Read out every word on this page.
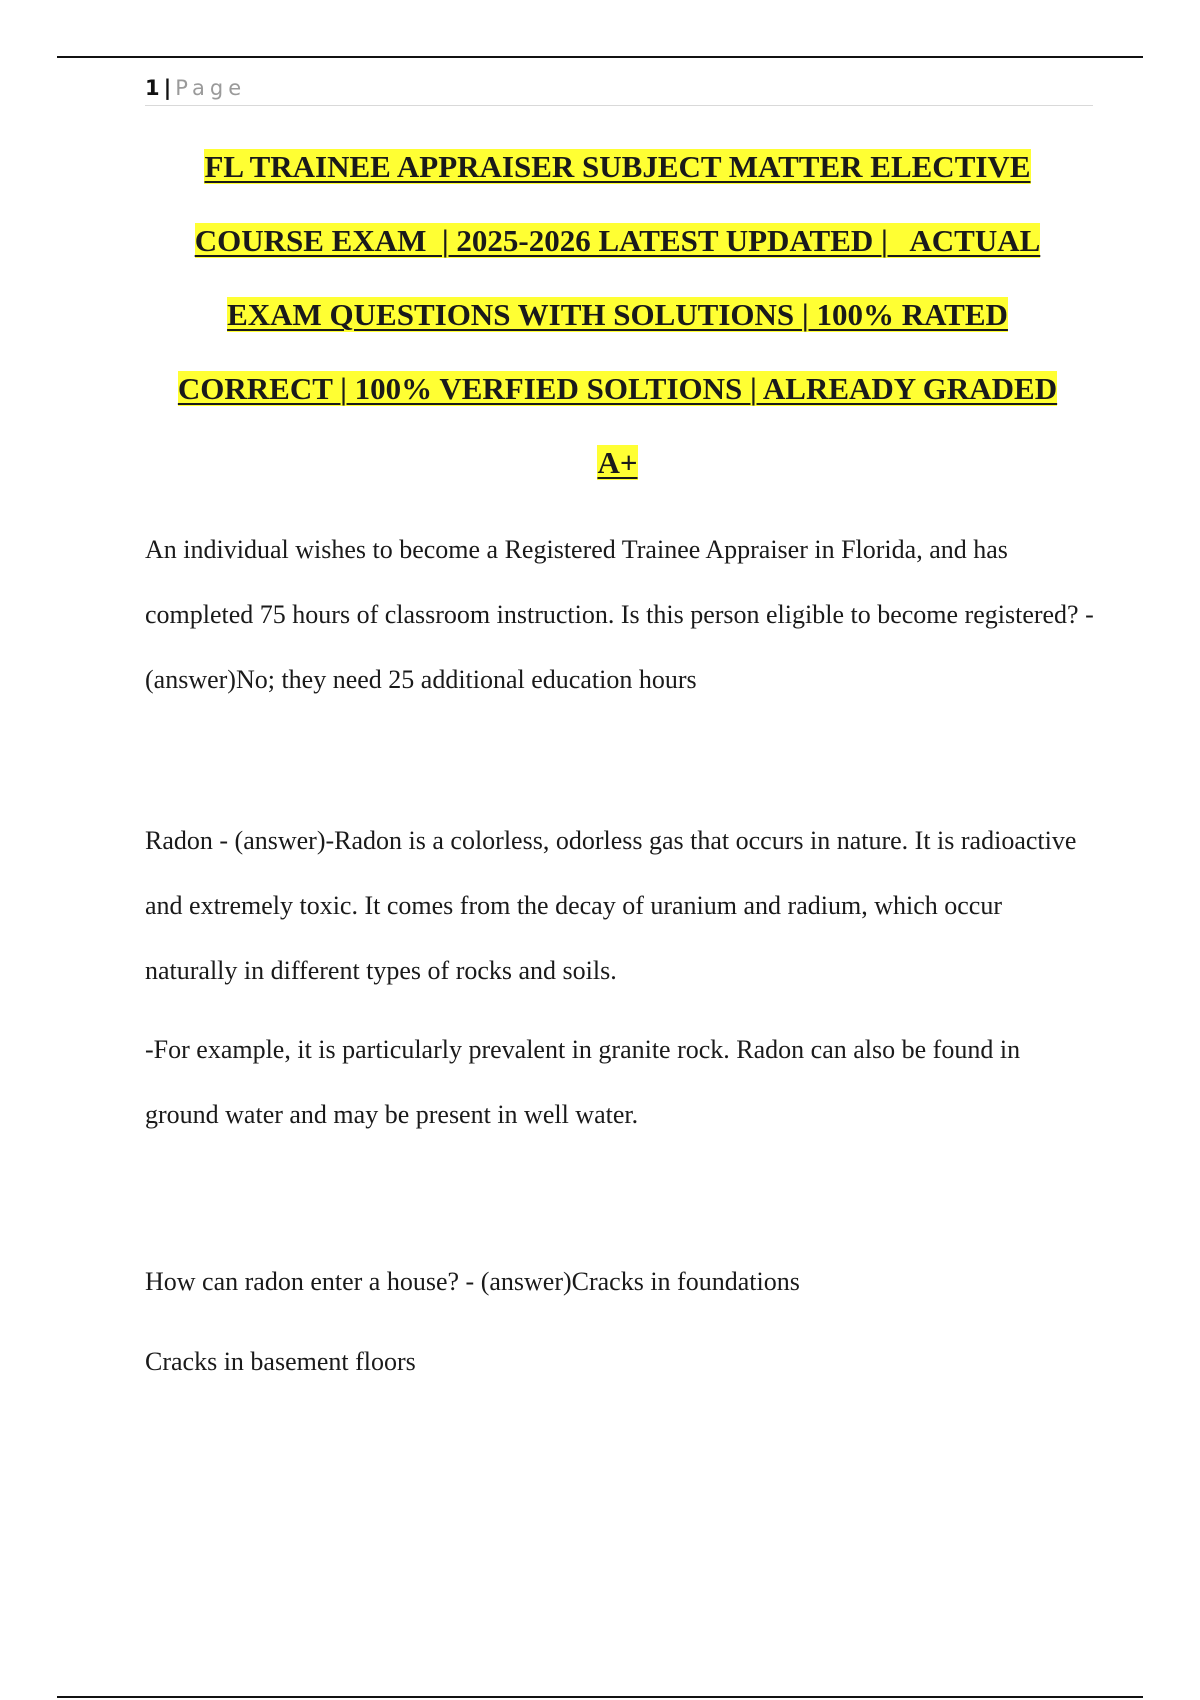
1 | Page
FL TRAINEE APPRAISER SUBJECT MATTER ELECTIVE
COURSE EXAM  | 2025-2026 LATEST UPDATED |   ACTUAL
EXAM QUESTIONS WITH SOLUTIONS | 100% RATED
CORRECT | 100% VERFIED SOLTIONS | ALREADY GRADED
A+

An individual wishes to become a Registered Trainee Appraiser in Florida, and has completed 75 hours of classroom instruction. Is this person eligible to become registered? - (answer)No; they need 25 additional education hours

Radon - (answer)-Radon is a colorless, odorless gas that occurs in nature. It is radioactive and extremely toxic. It comes from the decay of uranium and radium, which occur naturally in different types of rocks and soils.

-For example, it is particularly prevalent in granite rock. Radon can also be found in ground water and may be present in well water.

How can radon enter a house? - (answer)Cracks in foundations

Cracks in basement floors
